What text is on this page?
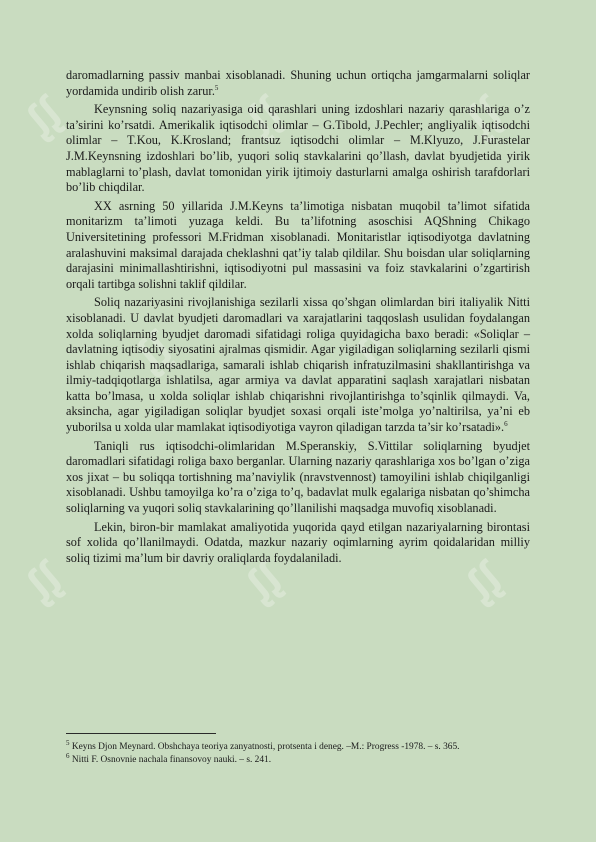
ᶘᶘ	ᶘᶘ	ᶘᶘ
ᶘᶘ	ᶘᶘ
ᶘᶘ	ᶘᶘ	ᶘᶘ

daromadlarning passiv manbai xisoblanadi. Shuning uchun ortiqcha jamgarmalarni soliqlar yordamida undirib olish zarur.$^5$

Keynsning soliq nazariyasiga oid qarashlari uning izdoshlari nazariy qarashlariga o’z ta’sirini ko’rsatdi. Amerikalik iqtisodchi olimlar – G.Tibold, J.Pechler; angliyalik iqtisodchi olimlar – T.Kou, K.Krosland; frantsuz iqtisodchi olimlar – M.Klyuzo, J.Furastelar J.M.Keynsning izdoshlari bo’lib, yuqori soliq stavkalarini qo’llash, davlat byudjetida yirik mablaglarni to’plash, davlat tomonidan yirik ijtimoiy dasturlarni amalga oshirish tarafdorlari bo’lib chiqdilar.

XX asrning 50 yillarida J.M.Keyns ta’limotiga nisbatan muqobil ta’limot sifatida monitarizm ta’limoti yuzaga keldi. Bu ta’lifotning asoschisi AQShning Chikago Universitetining professori M.Fridman xisoblanadi. Monitaristlar iqtisodiyotga davlatning aralashuvini maksimal darajada cheklashni qat’iy talab qildilar. Shu boisdan ular soliqlarning darajasini minimallashtirishni, iqtisodiyotni pul massasini va foiz stavkalarini o’zgartirish orqali tartibga solishni taklif qildilar.

Soliq nazariyasini rivojlanishiga sezilarli xissa qo’shgan olimlardan biri italiyalik Nitti xisoblanadi. U davlat byudjeti daromadlari va xarajatlarini taqqoslash usulidan foydalangan xolda soliqlarning byudjet daromadi sifatidagi roliga quyidagicha baxo beradi: «Soliqlar – davlatning iqtisodiy siyosatini ajralmas qismidir. Agar yigiladigan soliqlarning sezilarli qismi ishlab chiqarish maqsadlariga, samarali ishlab chiqarish infratuzilmasini shakllantirishga va ilmiy-tadqiqotlarga ishlatilsa, agar armiya va davlat apparatini saqlash xarajatlari nisbatan katta bo’lmasa, u xolda soliqlar ishlab chiqarishni rivojlantirishga to’sqinlik qilmaydi. Va, aksincha, agar yigiladigan soliqlar byudjet soxasi orqali iste’molga yo’naltirilsa, ya’ni eb yuborilsa u xolda ular mamlakat iqtisodiyotiga vayron qiladigan tarzda ta’sir ko’rsatadi».$^6$

Taniqli rus iqtisodchi-olimlaridan M.Speranskiy, S.Vittilar soliqlarning byudjet daromadlari sifatidagi roliga baxo berganlar. Ularning nazariy qarashlariga xos bo’lgan o’ziga xos jixat – bu soliqqa tortishning ma’naviylik (nravstvennost) tamoyilini ishlab chiqilganligi xisoblanadi. Ushbu tamoyilga ko’ra o’ziga to’q, badavlat mulk egalariga nisbatan qo’shimcha soliqlarning va yuqori soliq stavkalarining qo’llanilishi maqsadga muvofiq xisoblanadi.

Lekin, biron-bir mamlakat amaliyotida yuqorida qayd etilgan nazariyalarning birontasi sof xolida qo’llanilmaydi. Odatda, mazkur nazariy oqimlarning ayrim qoidalaridan milliy soliq tizimi ma’lum bir davriy oraliqlarda foydalaniladi.

$^5$ Keyns Djon Meynard. Obshchaya teoriya zanyatnosti, protsenta i deneg. –M.: Progress -1978. – s. 365.

$^6$ Nitti F. Osnovnie nachala finansovoy nauki. – s. 241.
